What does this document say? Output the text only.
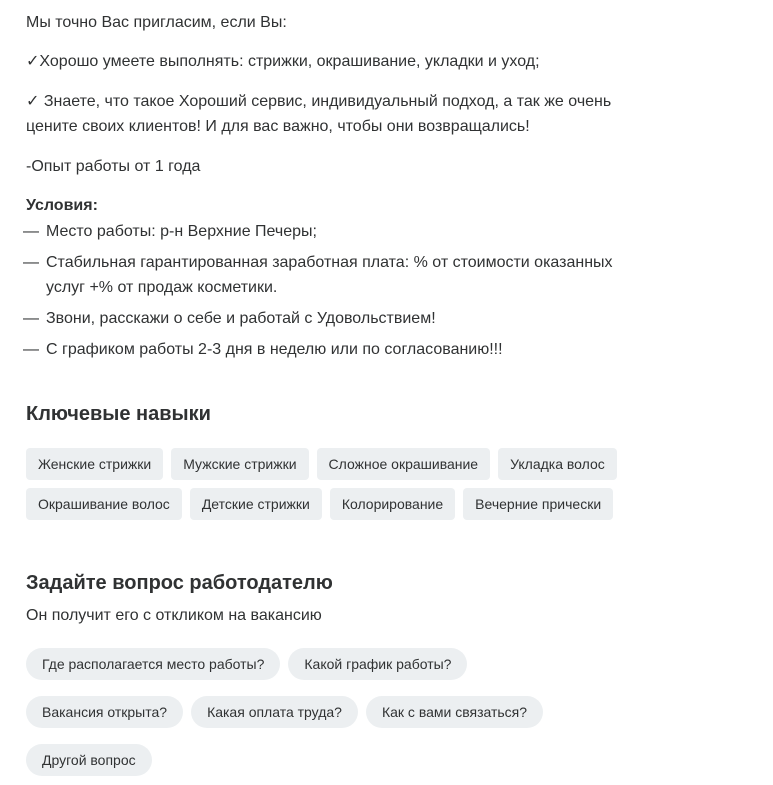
Мы точно Вас пригласим, если Вы:

✓Хорошо умеете выполнять: стрижки, окрашивание, укладки и уход;

✓ Знаете, что такое Хороший сервис, индивидуальный подход, а так же очень
цените своих клиентов! И для вас важно, чтобы они возвращались!

-Опыт работы от 1 года

Условия:
— Место работы: р-н Верхние Печеры;
— Стабильная гарантированная заработная плата: % от стоимости оказанных
услуг +% от продаж косметики.
— Звони, расскажи о себе и работай с Удовольствием!
— С графиком работы 2-3 дня в неделю или по согласованию!!!
Ключевые навыки
Женские стрижки	Мужские стрижки	Сложное окрашивание	Укладка волос
Окрашивание волос	Детские стрижки	Колорирование	Вечерние прически
Задайте вопрос работодателю
Он получит его с откликом на вакансию
Где располагается место работы?	Какой график работы?
Вакансия открыта?	Какая оплата труда?	Как с вами связаться?
Другой вопрос
